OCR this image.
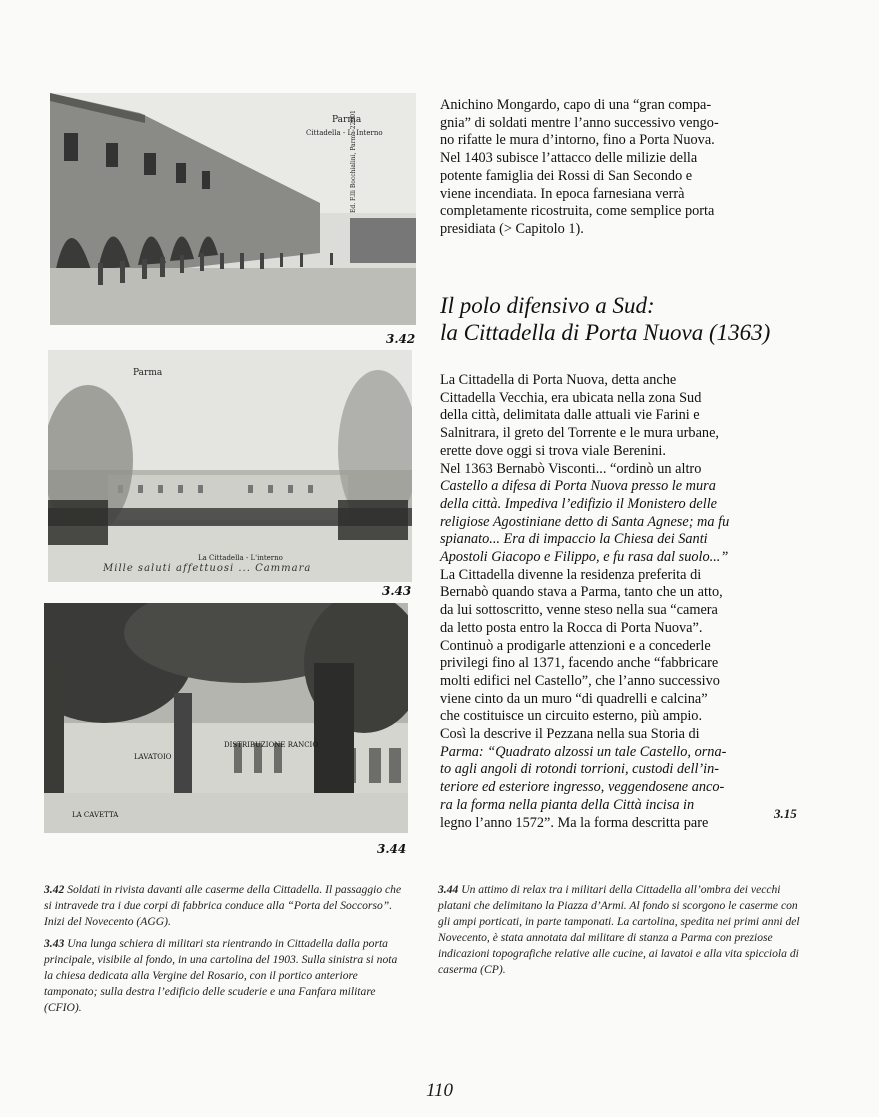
Parma
Cittadella - L' Interno
Ed. F.lli Bocchialini, Parma 22901
3.42
Parma
La Cittadella - L'interno
Mille saluti affettuosi ... Cammara
3.43
LAVATOIO
DISTRIBUZIONE RANCIO
LA CAVETTA
3.44

Anichino Mongardo, capo di una “gran compa-

gnia” di soldati mentre l’anno successivo vengo-

no rifatte le mura d’intorno, fino a Porta Nuova.

Nel 1403 subisce l’attacco delle milizie della

potente famiglia dei Rossi di San Secondo e

viene incendiata. In epoca farnesiana verrà

completamente ricostruita, come semplice porta

presidiata (> Capitolo 1).

Il polo difensivo a Sud:
la Cittadella di Porta Nuova (1363)

La Cittadella di Porta Nuova, detta anche

Cittadella Vecchia, era ubicata nella zona Sud

della città, delimitata dalle attuali vie Farini e

Salnitrara, il greto del Torrente e le mura urbane,

erette dove oggi si trova viale Berenini.

Nel 1363 Bernabò Visconti... “ordinò un altro

Castello a difesa di Porta Nuova presso le mura

della città. Impediva l’edifizio il Monistero delle

religiose Agostiniane detto di Santa Agnese; ma fu

spianato... Era di impaccio la Chiesa dei Santi

Apostoli Giacopo e Filippo, e fu rasa dal suolo...”

La Cittadella divenne la residenza preferita di

Bernabò quando stava a Parma, tanto che un atto,

da lui sottoscritto, venne steso nella sua “camera

da letto posta entro la Rocca di Porta Nuova”.

Continuò a prodigarle attenzioni e a concederle

privilegi fino al 1371, facendo anche “fabbricare

molti edifici nel Castello”, che l’anno successivo

viene cinto da un muro “di quadrelli e calcina”

che costituisce un circuito esterno, più ampio.

Così la descrive il Pezzana nella sua Storia di

Parma: “Quadrato alzossi un tale Castello, orna-

to agli angoli di rotondi torrioni, custodi dell’in-

teriore ed esteriore ingresso, veggendosene anco-

ra la forma nella pianta della Città incisa in

legno l’anno 1572”. Ma la forma descritta pare

3.15

3.42 Soldati in rivista davanti alle caserme della Cittadella. Il passaggio che si intravede tra i due corpi di fabbrica conduce alla “Porta del Soccorso”. Inizi del Novecento (AGG).

3.43 Una lunga schiera di militari sta rientrando in Cittadella dalla porta principale, visibile al fondo, in una cartolina del 1903. Sulla sinistra si nota la chiesa dedicata alla Vergine del Rosario, con il portico anteriore tamponato; sulla destra l’edificio delle scuderie e una Fanfara militare (CFIO).

3.44 Un attimo di relax tra i militari della Cittadella all’ombra dei vecchi platani che delimitano la Piazza d’Armi. Al fondo si scorgono le caserme con gli ampi porticati, in parte tamponati. La cartolina, spedita nei primi anni del Novecento, è stata annotata dal militare di stanza a Parma con preziose indicazioni topografiche relative alle cucine, ai lavatoi e alla vita spicciola di caserma (CP).

110
